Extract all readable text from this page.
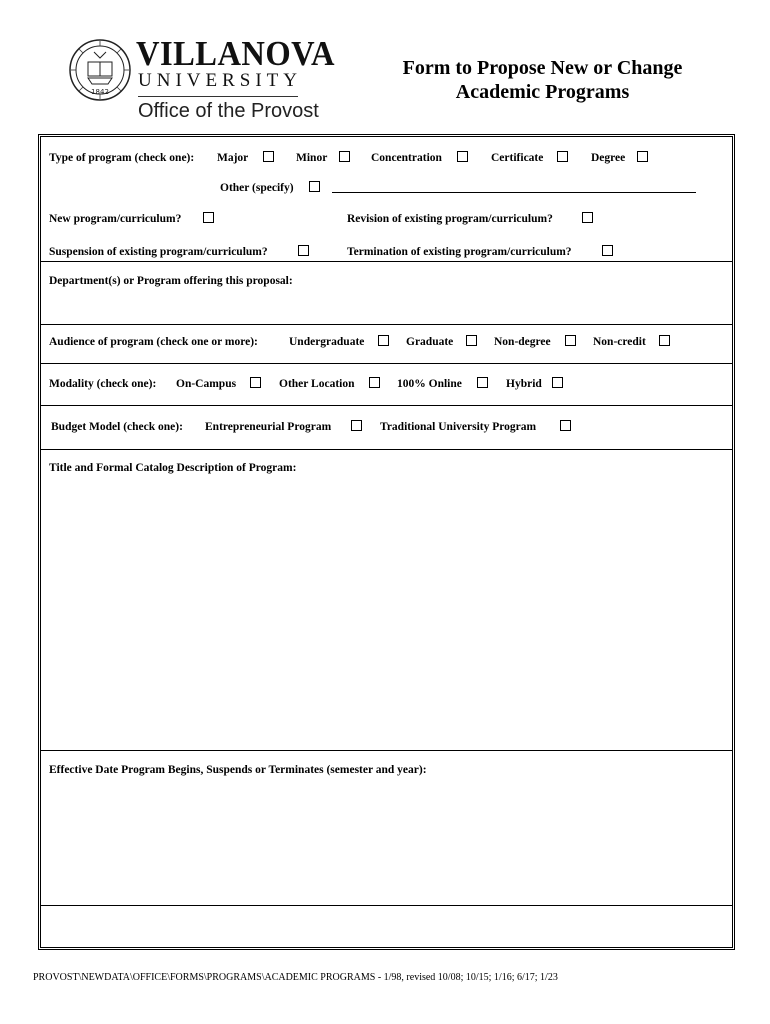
1842
VILLANOVA
UNIVERSITY
Office of the Provost
Form to Propose New or Change
Academic Programs
Type of program (check one): Major	Minor	Concentration	Certificate	Degree
Other (specify)
New program/curriculum?	Revision of existing program/curriculum?
Suspension of existing program/curriculum?	Termination of existing program/curriculum?
Department(s) or Program offering this proposal:
Audience of program (check one or more):	Undergraduate	Graduate	Non-degree	Non-credit
Modality (check one): On-Campus	Other Location	100% Online	Hybrid
Budget Model (check one): Entrepreneurial Program	Traditional University Program
Title and Formal Catalog Description of Program:
Effective Date Program Begins, Suspends or Terminates (semester and year):
PROVOST\NEWDATA\OFFICE\FORMS\PROGRAMS\ACADEMIC PROGRAMS - 1/98, revised 10/08; 10/15; 1/16; 6/17; 1/23
